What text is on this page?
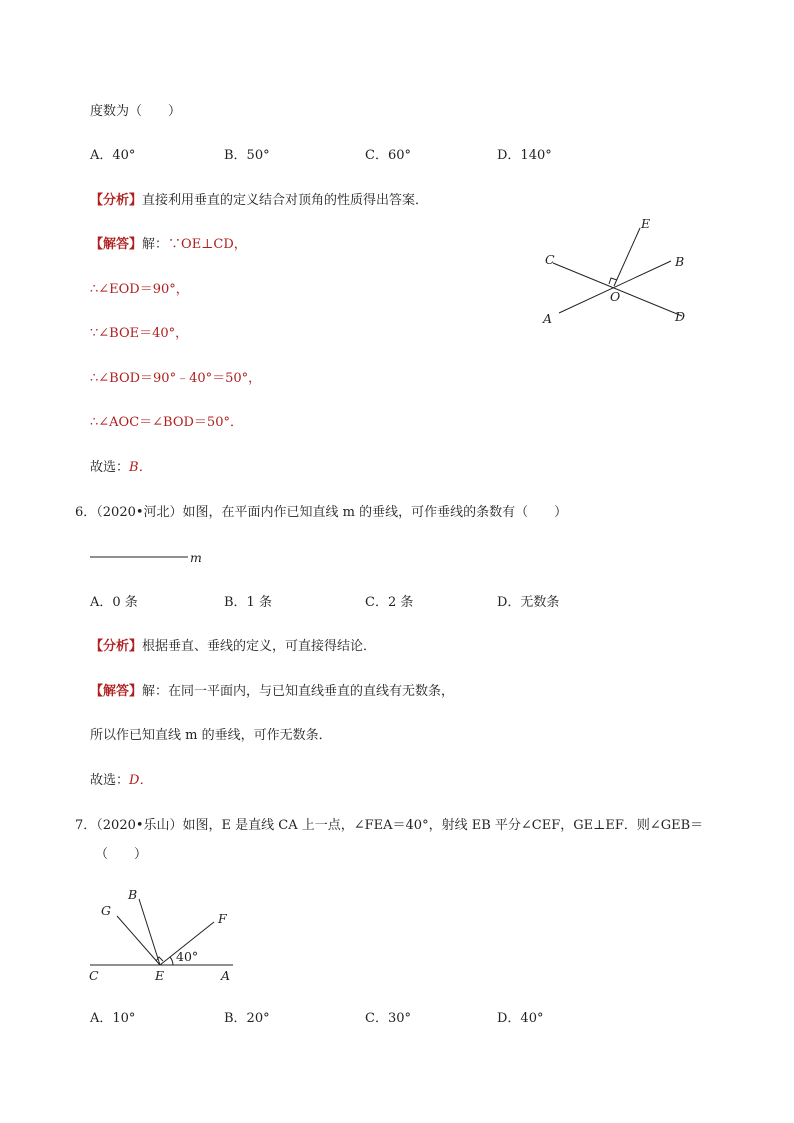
度数为（　　）
A．40°	B．50°	C．60°	D．140°
【分析】直接利用垂直的定义结合对顶角的性质得出答案．
【解答】解：∵OE⊥CD，
∴∠EOD＝90°，
∵∠BOE＝40°，
∴∠BOD＝90°﹣40°＝50°，
∴∠AOC＝∠BOD＝50°．
故选：B．
E
C	B
O
A	D
6．（2020•河北）如图，在平面内作已知直线 m 的垂线，可作垂线的条数有（　　）
m
A．0 条	B．1 条	C．2 条	D．无数条
【分析】根据垂直、垂线的定义，可直接得结论．
【解答】解：在同一平面内，与已知直线垂直的直线有无数条，
所以作已知直线 m 的垂线，可作无数条．
故选：D．
7．（2020•乐山）如图，E 是直线 CA 上一点，∠FEA＝40°，射线 EB 平分∠CEF，GE⊥EF．则∠GEB＝
（　　）
G
B
F
40°
C	E	A
A．10°	B．20°	C．30°	D．40°
